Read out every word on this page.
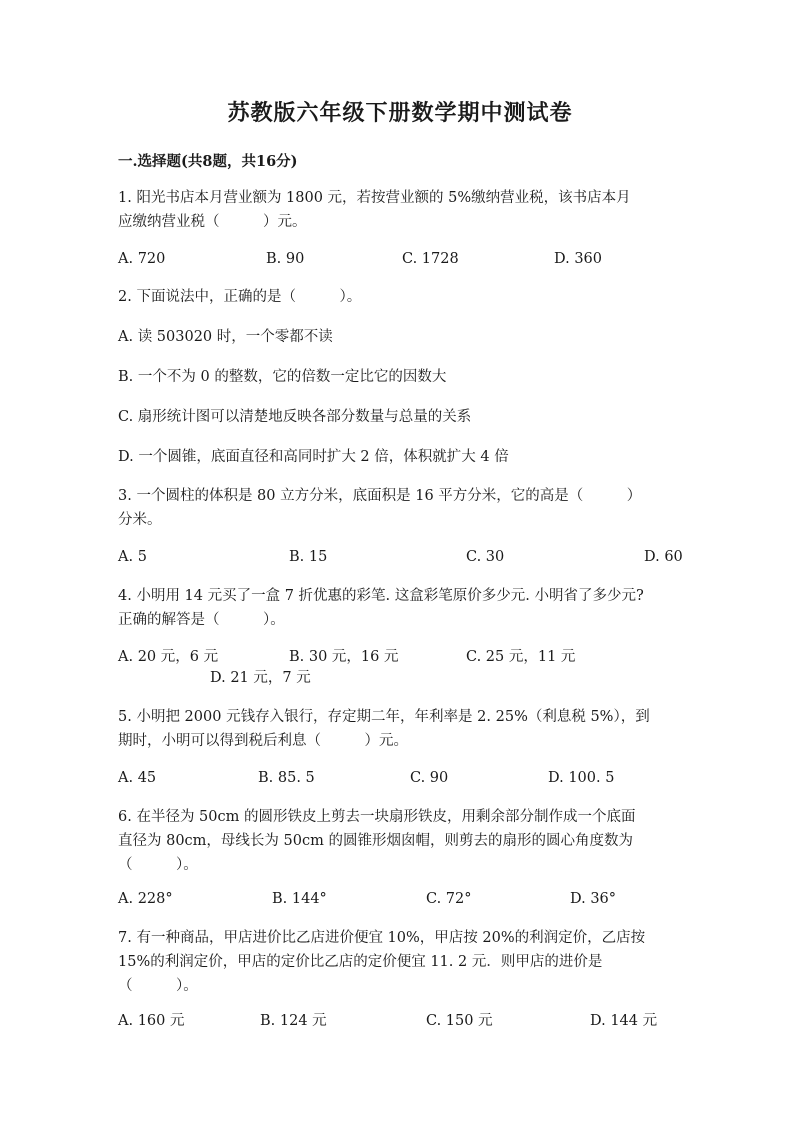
苏教版六年级下册数学期中测试卷
一.选择题(共8题，共16分)
1. 阳光书店本月营业额为 1800 元，若按营业额的 5%缴纳营业税，该书店本月
应缴纳营业税（　　　）元。
A. 720	B. 90	C. 1728	D. 360
2. 下面说法中，正确的是（　　　）。
A. 读 503020 时，一个零都不读
B. 一个不为 0 的整数，它的倍数一定比它的因数大
C. 扇形统计图可以清楚地反映各部分数量与总量的关系
D. 一个圆锥，底面直径和高同时扩大 2 倍，体积就扩大 4 倍
3. 一个圆柱的体积是 80 立方分米，底面积是 16 平方分米，它的高是（　　　）
分米。
A. 5	B. 15	C. 30	D. 60
4. 小明用 14 元买了一盒 7 折优惠的彩笔. 这盒彩笔原价多少元. 小明省了多少元?
正确的解答是（　　　）。
A. 20 元，6 元	B. 30 元，16 元	C. 25 元，11 元
D. 21 元，7 元
5. 小明把 2000 元钱存入银行，存定期二年，年利率是 2. 25%（利息税 5%），到
期时，小明可以得到税后利息（　　　）元。
A. 45	B. 85. 5	C. 90	D. 100. 5
6. 在半径为 50cm 的圆形铁皮上剪去一块扇形铁皮，用剩余部分制作成一个底面
直径为 80cm，母线长为 50cm 的圆锥形烟囱帽，则剪去的扇形的圆心角度数为
（　　　）。
A. 228°	B. 144°	C. 72°	D. 36°
7. 有一种商品，甲店进价比乙店进价便宜 10%，甲店按 20%的利润定价，乙店按
15%的利润定价，甲店的定价比乙店的定价便宜 11. 2 元．则甲店的进价是
（　　　）。
A. 160 元	B. 124 元	C. 150 元	D. 144 元
